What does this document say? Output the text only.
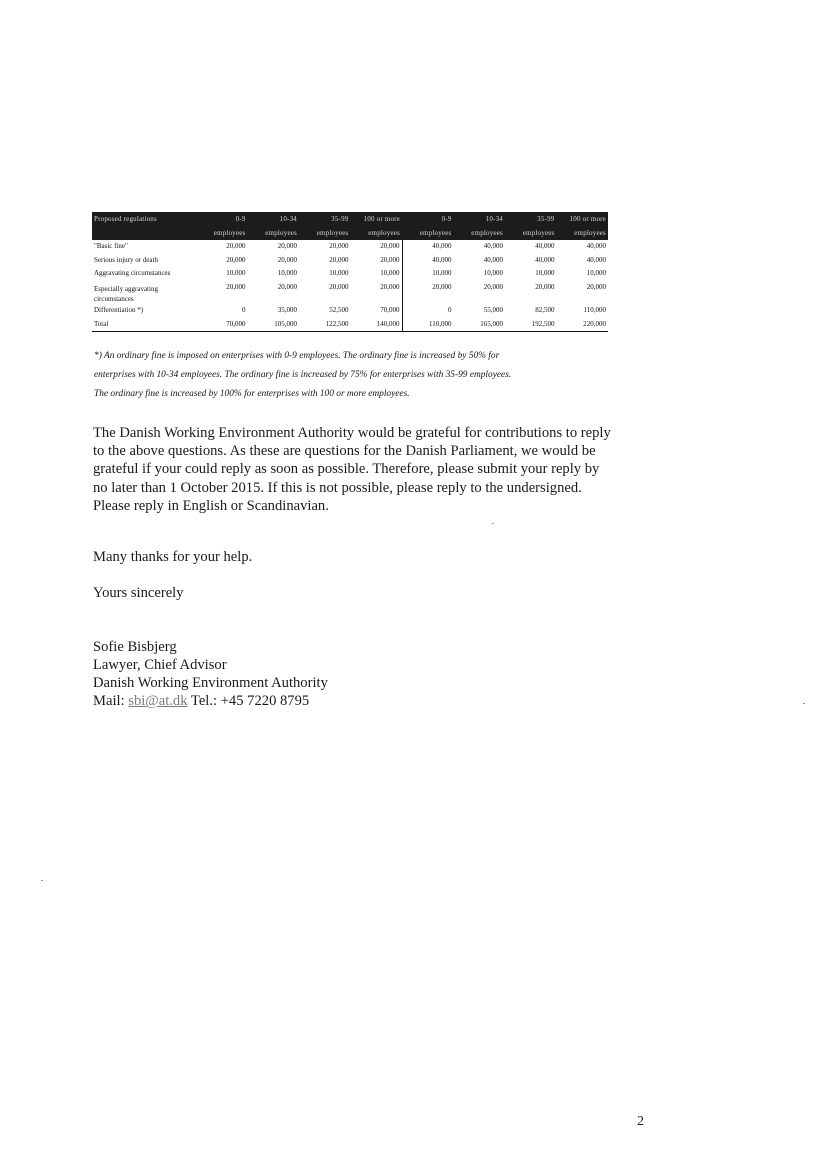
Proposed regulations	0-9	10-34	35-99	100 or more	0-9	10-34	35-99	100 or more
	employees	employees	employees	employees	employees	employees	employees	employees
"Basic fine"	20,000	20,000	20,000	20,000	40,000	40,000	40,000	40,000
Serious injury or death	20,000	20,000	20,000	20,000	40,000	40,000	40,000	40,000
Aggravating circumstances	10,000	10,000	10,000	10,000	10,000	10,000	10,000	10,000
Especially aggravating circumstances	20,000	20,000	20,000	20,000	20,000	20,000	20,000	20,000
Differentiation *)	0	35,000	52,500	70,000	0	55,000	82,500	110,000
Total	70,000	105,000	122,500	140,000	110,000	165,000	192,500	220,000
*) An ordinary fine is imposed on enterprises with 0-9 employees. The ordinary fine is increased by 50% for
enterprises with 10-34 employees. The ordinary fine is increased by 75% for enterprises with 35-99 employees.
The ordinary fine is increased by 100% for enterprises with 100 or more employees.
The Danish Working Environment Authority would be grateful for contributions to reply to the above questions. As these are questions for the Danish Parliament, we would be grateful if your could reply as soon as possible. Therefore, please submit your reply by no later than 1 October 2015. If this is not possible, please reply to the undersigned. Please reply in English or Scandinavian.
Many thanks for your help.
Yours sincerely
Sofie Bisbjerg
Lawyer, Chief Advisor
Danish Working Environment Authority
Mail: sbi@at.dk Tel.: +45 7220 8795
2
